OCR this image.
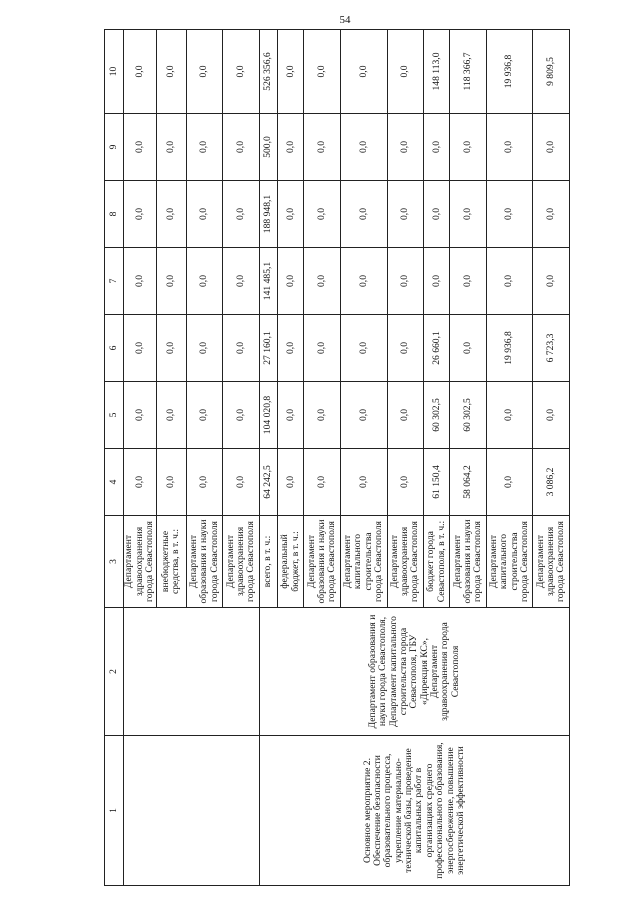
54
1	2	3	4	5	6	7	8	9	10
		Департамент здравоохранения города Севастополя	0,0	0,0	0,0	0,0	0,0	0,0	0,0
		внебюджетные средства, в т. ч.:	0,0	0,0	0,0	0,0	0,0	0,0	0,0
		Департамент образования и науки города Севастополя	0,0	0,0	0,0	0,0	0,0	0,0	0,0
		Департамент здравоохранения города Севастополя	0,0	0,0	0,0	0,0	0,0	0,0	0,0
Основное мероприятие 2. Обеспечение безопасности образовательного процесса, укрепление материально-технической базы, проведение капитальных работ в организациях среднего профессионального образования, энергосбережение, повышение энергетической эффективности	Департамент образования и науки города Севастополя, Департамент капитального строительства города Севастополя, ГБУ «Дирекция КС», Департамент здравоохранения города Севастополя	всего, в т. ч.:	64 242,5	104 020,8	27 160,1	141 485,1	188 948,1	500,0	526 356,6
		федеральный бюджет, в т. ч.:	0,0	0,0	0,0	0,0	0,0	0,0	0,0
		Департамент образования и науки города Севастополя	0,0	0,0	0,0	0,0	0,0	0,0	0,0
		Департамент капитального строительства города Севастополя	0,0	0,0	0,0	0,0	0,0	0,0	0,0
		Департамент здравоохранения города Севастополя	0,0	0,0	0,0	0,0	0,0	0,0	0,0
		бюджет города Севастополя, в т. ч.:	61 150,4	60 302,5	26 660,1	0,0	0,0	0,0	148 113,0
		Департамент образования и науки города Севастополя	58 064,2	60 302,5	0,0	0,0	0,0	0,0	118 366,7
		Департамент капитального строительства города Севастополя	0,0	0,0	19 936,8	0,0	0,0	0,0	19 936,8
		Департамент здравоохранения города Севастополя	3 086,2	0,0	6 723,3	0,0	0,0	0,0	9 809,5
